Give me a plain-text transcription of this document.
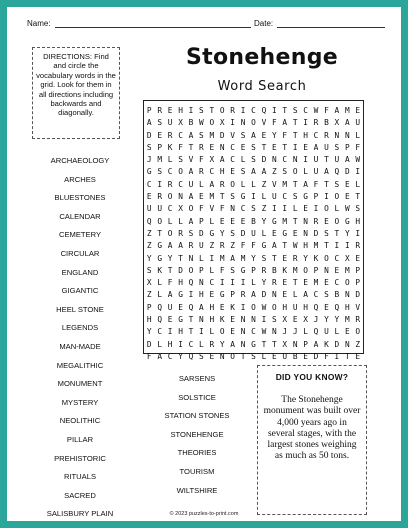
Name:	Date:
DIRECTIONS: Find and circle the vocabulary words in the grid. Look for them in all directions including backwards and diagonally.
Stonehenge
Word Search
ARCHAEOLOGY
ARCHES
BLUESTONES
CALENDAR
CEMETERY
CIRCULAR
ENGLAND
GIGANTIC
HEEL STONE
LEGENDS
MAN-MADE
MEGALITHIC
MONUMENT
MYSTERY
NEOLITHIC
PILLAR
PREHISTORIC
RITUALS
SACRED
SALISBURY PLAIN
P R E H I S T O R I C Q I T S C W F A M E
A S U X B W O X I N O V F A T I R B X A U
D E R C A S M D V S A E Y F T H C R N N L
S P K F T R E N C E S T E T I E A U S P F
J M L S V F X A C L S D N C N I U T U A W
G S C O A R C H E S A A Z S O L U A Q D I
C I R C U L A R O L L Z V M T A F T S E L
E R O N A E M T S G I L U C S G P I O E T
U U C X O F V F N C S Z I I L E I O L W S
Q O L L A P L E E E B Y G M T N R E O G H
Z T O R S D G Y S D U L E G E N D S T Y I
Z G A A R U Z R Z F F G A T W H M T I I R
Y G Y T N L I M A M Y S T E R Y K O C X E
S K T D O P L F S G P R B K M O P N E M P
X L F H Q N C I I I L Y R E T E M E C O P
Z L A G I H E G P R A D N E L A C S B N D
P Q U E Q A H E K I O W O H U H Q E Q H V
H Q E G T N H K E N N I S X E X J Y Y M R
Y C I H T I L O E N C W N J J L Q U L E O
D L H I C L R Y A N G T T X N P A K D N Z
F A C Y Q S E N O T S L E U B E D F I T E
SARSENS
SOLSTICE
STATION STONES
STONEHENGE
THEORIES
TOURISM
WILTSHIRE
DID YOU KNOW?
The Stonehenge monument was built over 4,000 years ago in several stages, with the largest stones weighing as much as 50 tons.
© 2023 puzzles-to-print.com
